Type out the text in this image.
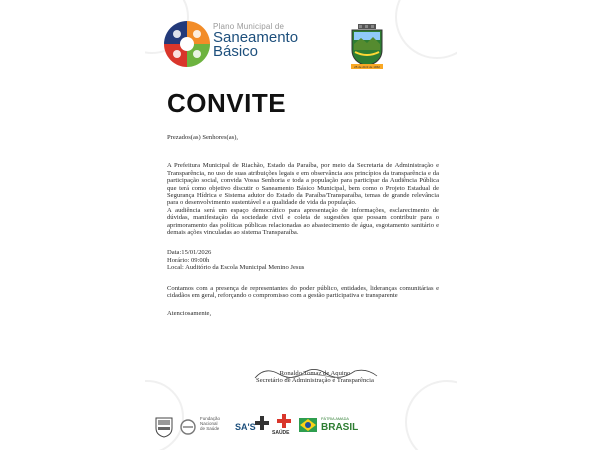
Plano Municipal de
Saneamento
Básico
25 de Abril de 1962
CONVITE

Prezados(as) Senhores(as),

A Prefeitura Municipal de Riachão, Estado da Paraíba, por meio da Secretaria de Administração e Transparência, no uso de suas atribuições legais e em observância aos princípios da transparência e da participação social, convida Vossa Senhoria e toda a população para participar da Audiência Pública que terá como objetivo discutir o Saneamento Básico Municipal, bem como o Projeto Estadual de Segurança Hídrica e Sistema adutor do Estado da Paraíba/Transparaíba, temas de grande relevância para o desenvolvimento sustentável e a qualidade de vida da população.

A audiência será um espaço democrático para apresentação de informações, esclarecimento de dúvidas, manifestação da sociedade civil e coleta de sugestões que possam contribuir para o aprimoramento das políticas públicas relacionadas ao abastecimento de água, esgotamento sanitário e demais ações vinculadas ao sistema Transparaíba.

Data:15/01/2026

Horário: 09:00h

Local: Auditório da Escola Municipal Menino Jesus

Contamos com a presença de representantes do poder público, entidades, lideranças comunitárias e cidadãos em geral, reforçando o compromisso com a gestão participativa e transparente

Atenciosamente,

Ronaldo Tomaz de Aquino
Secretário de Administração e Transparência
Fundação
Nacional
de Saúde SA'S
SAÚDE
PÁTRIA AMADA
BRASIL
